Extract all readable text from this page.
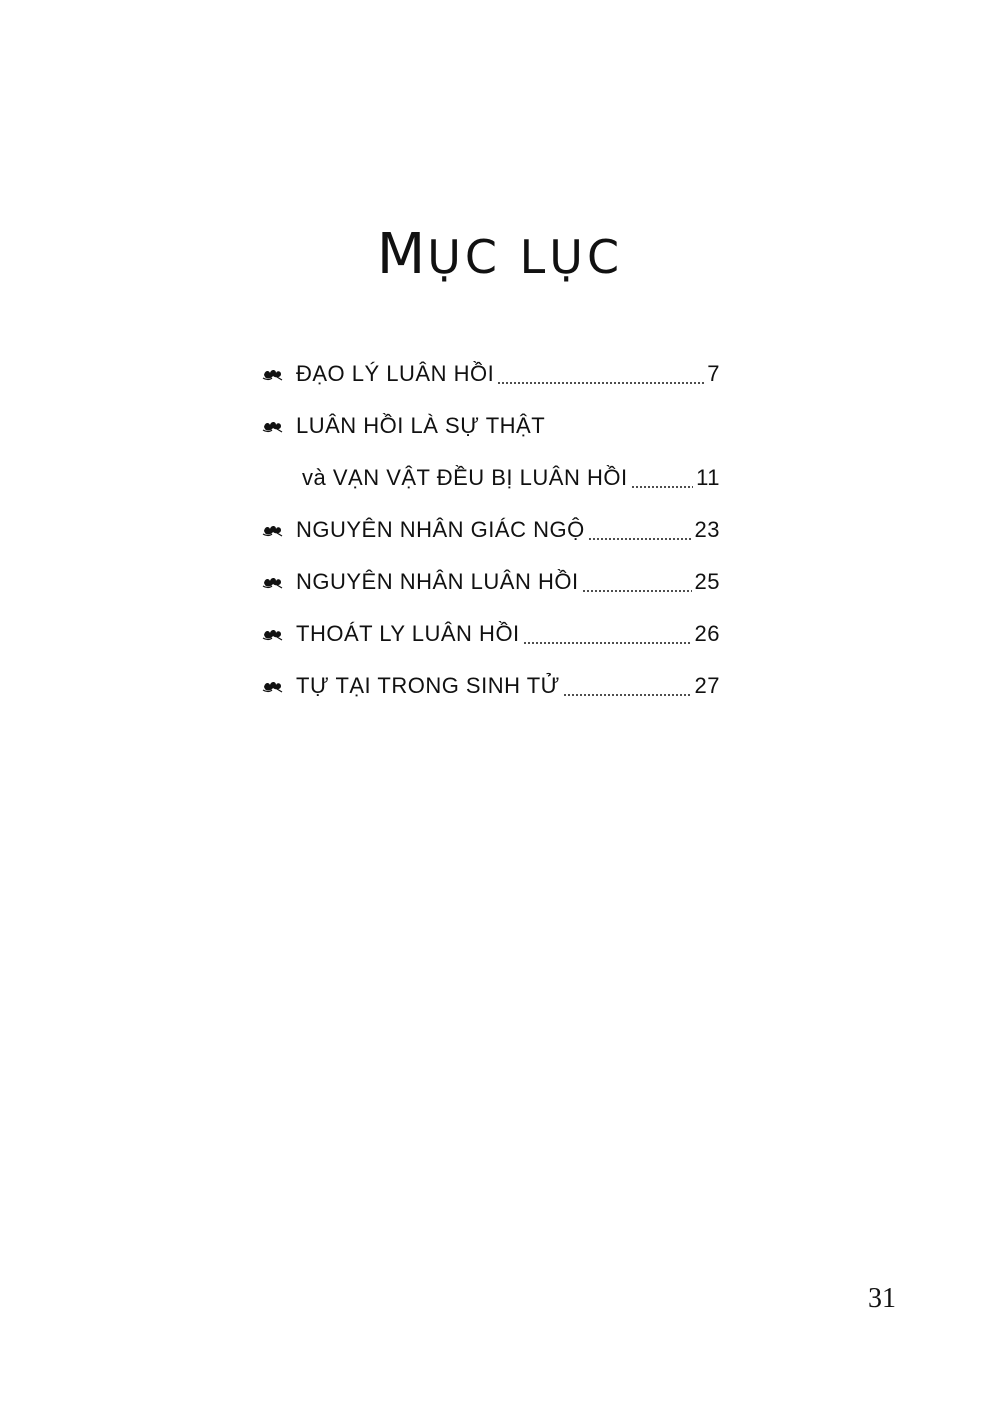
MỤC LỤC
ĐẠO LÝ LUÂN HỒI	7
LUÂN HỒI LÀ SỰ THẬT
và VẠN VẬT ĐỀU BỊ LUÂN HỒI	11
NGUYÊN NHÂN GIÁC NGỘ	23
NGUYÊN NHÂN LUÂN HỒI	25
THOÁT LY LUÂN HỒI	26
TỰ TẠI TRONG SINH TỬ	27
31
